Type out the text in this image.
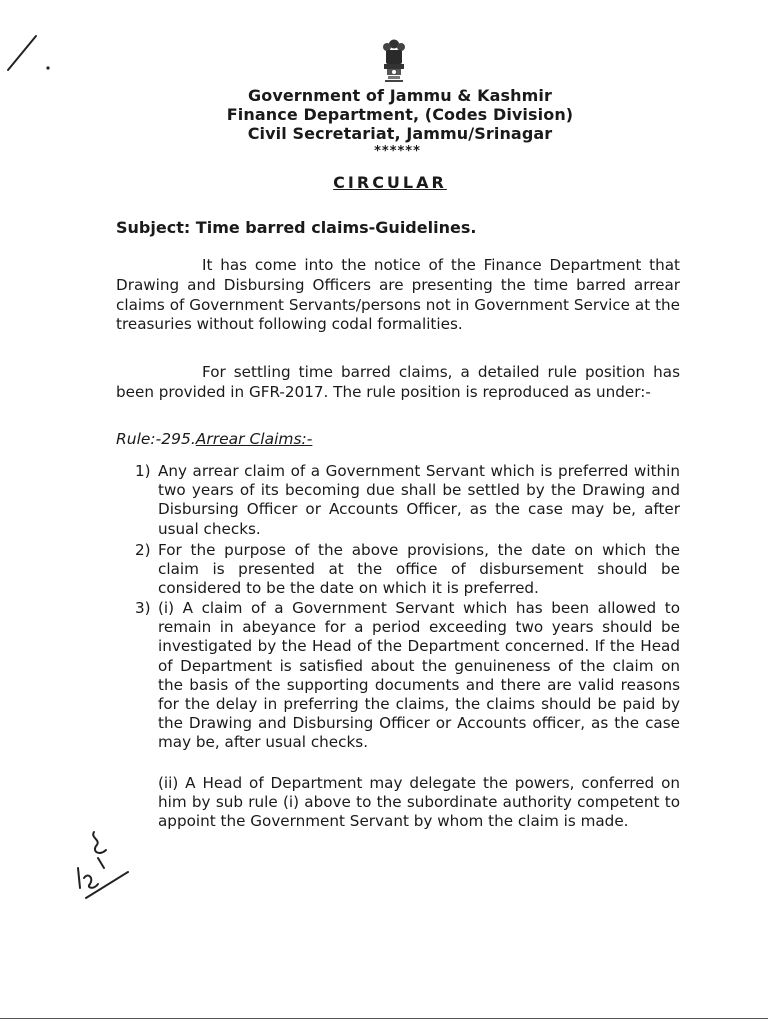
Government of Jammu & Kashmir
Finance Department, (Codes Division)
Civil Secretariat, Jammu/Srinagar
******
CIRCULAR
Subject: Time barred claims-Guidelines.

It has come into the notice of the Finance Department that Drawing and Disbursing Officers are presenting the time barred arrear claims of Government Servants/persons not in Government Service at the treasuries without following codal formalities.

For settling time barred claims, a detailed rule position has been provided in GFR-2017. The rule position is reproduced as under:-

Rule:-295.Arrear Claims:-
1) Any arrear claim of a Government Servant which is preferred within two years of its becoming due shall be settled by the Drawing and Disbursing Officer or Accounts Officer, as the case may be, after usual checks.
2) For the purpose of the above provisions, the date on which the claim is presented at the office of disbursement should be considered to be the date on which it is preferred.
3) (i) A claim of a Government Servant which has been allowed to remain in abeyance for a period exceeding two years should be investigated by the Head of the Department concerned. If the Head of Department is satisfied about the genuineness of the claim on the basis of the supporting documents and there are valid reasons for the delay in preferring the claims, the claims should be paid by the Drawing and Disbursing Officer or Accounts officer, as the case may be, after usual checks.
(ii) A Head of Department may delegate the powers, conferred on him by sub rule (i) above to the subordinate authority competent to appoint the Government Servant by whom the claim is made.
